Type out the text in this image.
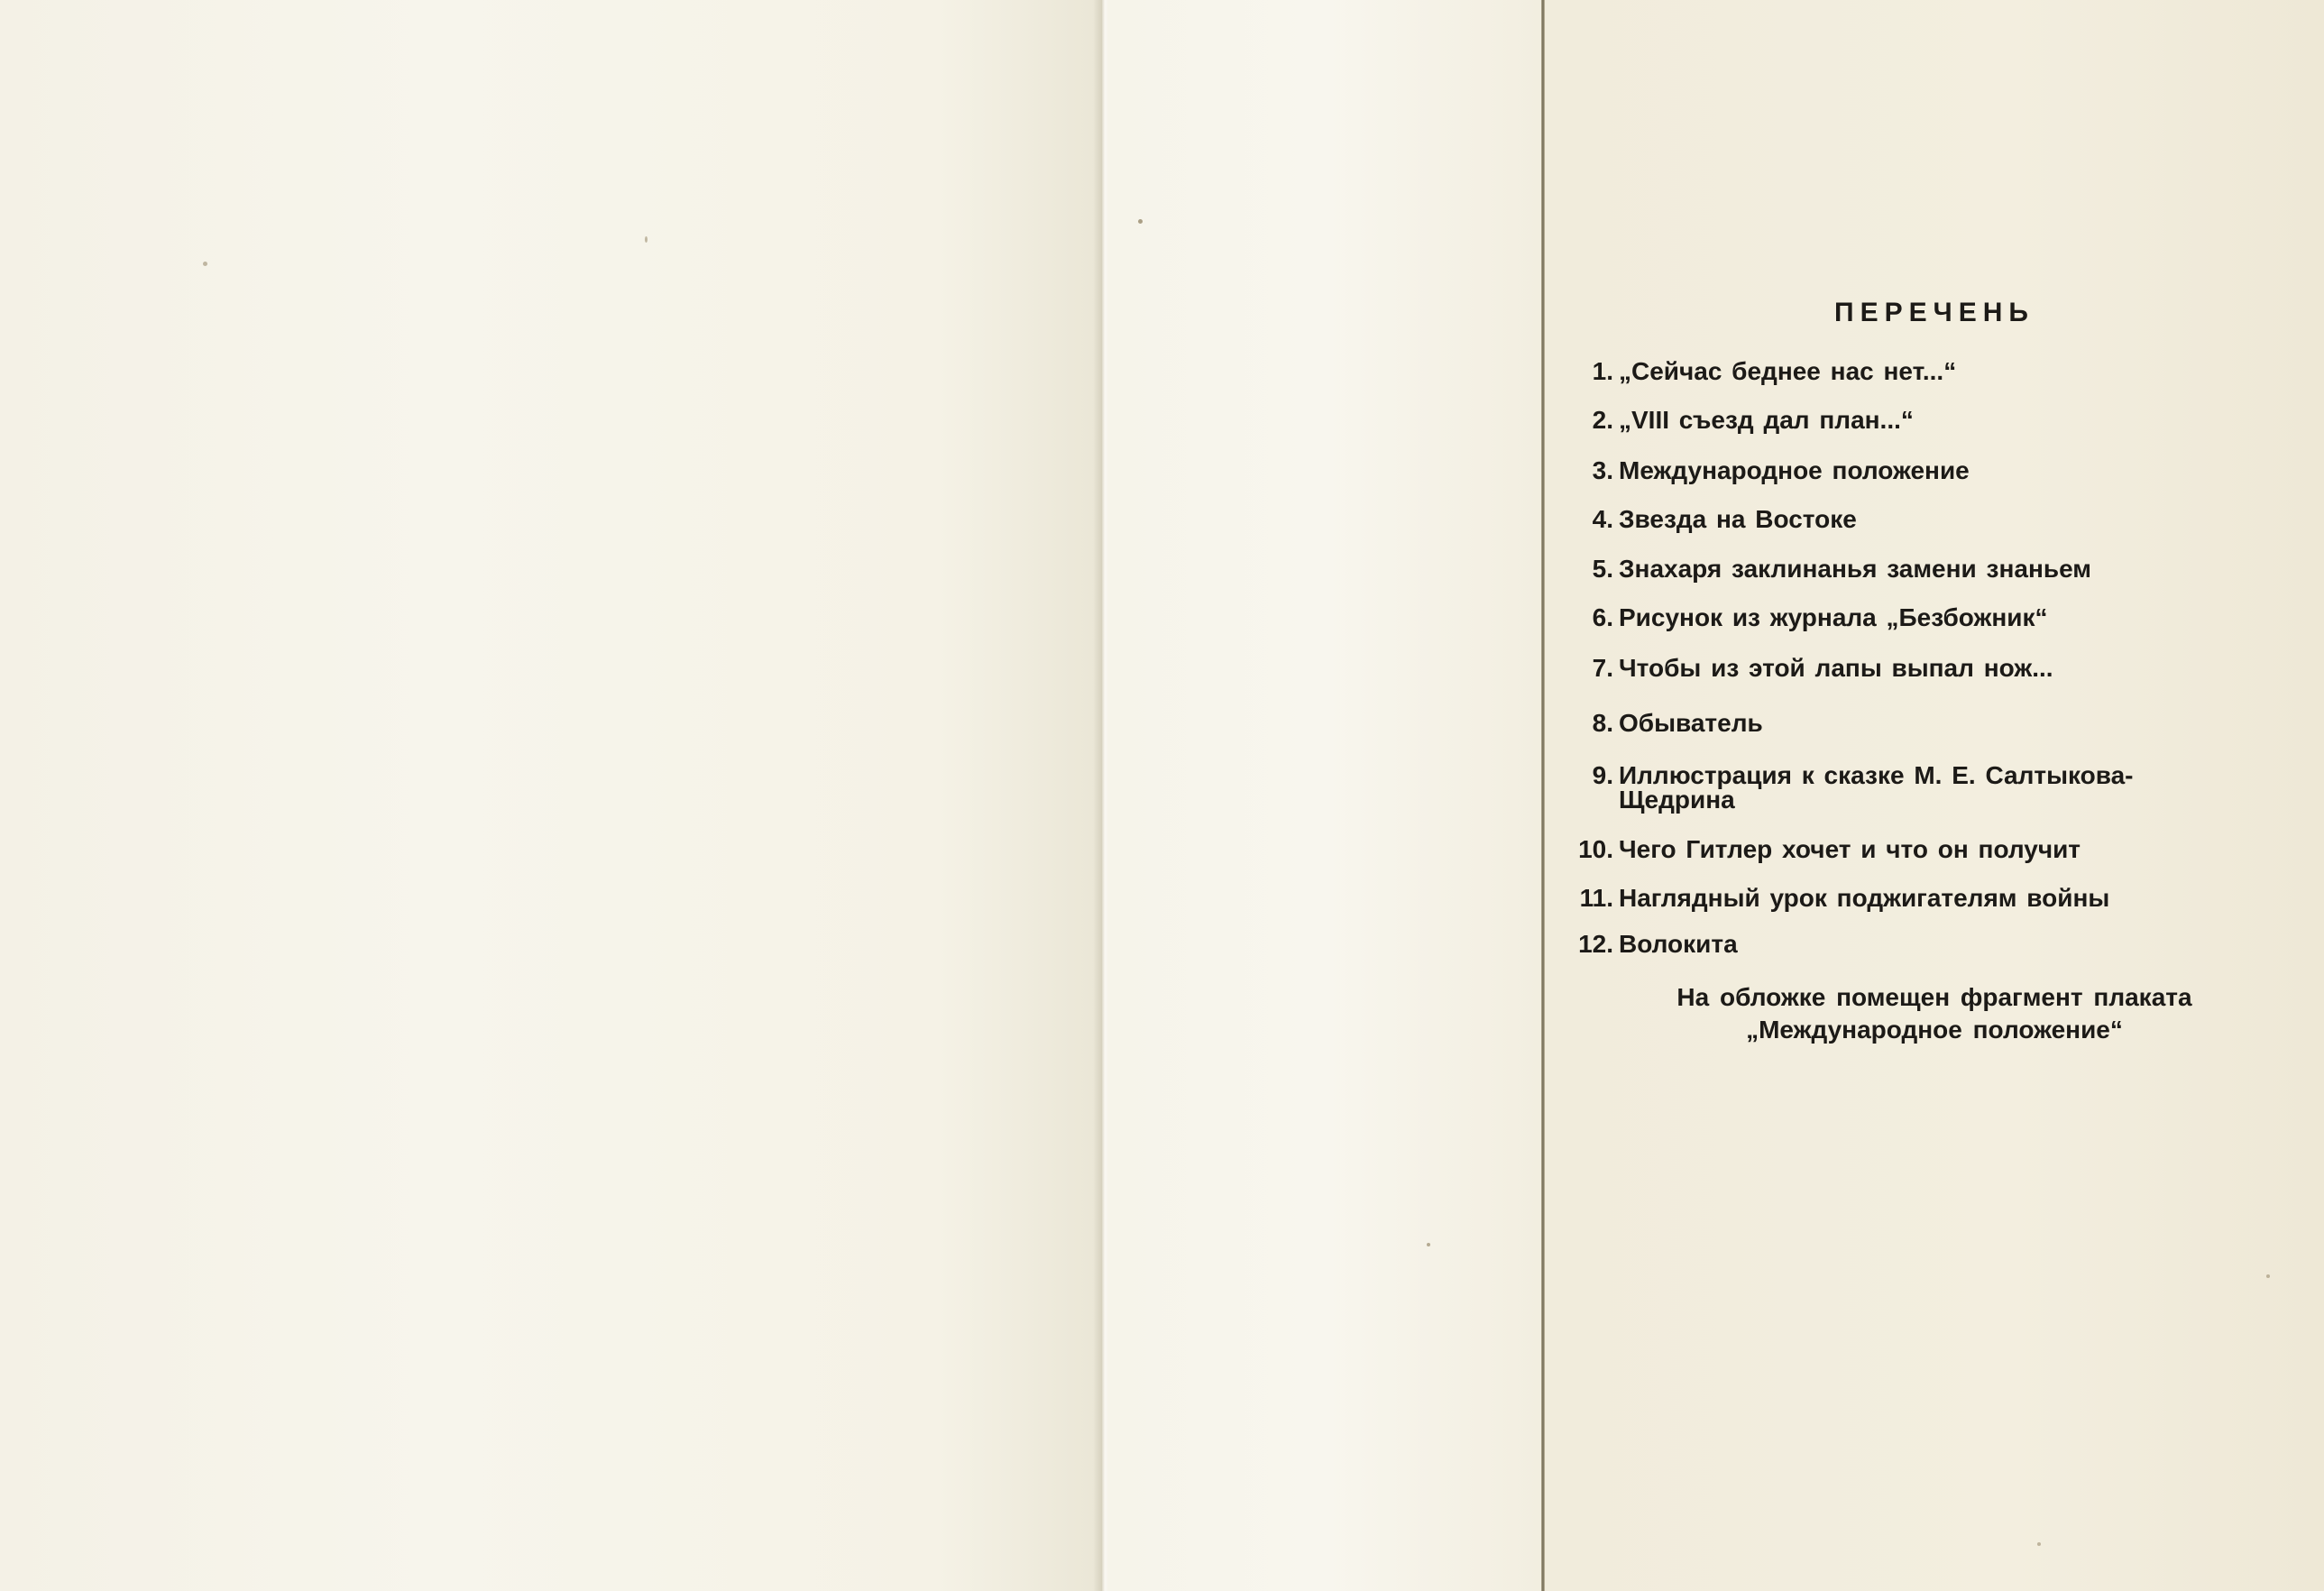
ПЕРЕЧЕНЬ
1. „Сейчас беднее нас нет...“
2. „VIII съезд дал план...“
3. Международное положение
4. Звезда на Востоке
5. Знахаря заклинанья замени знаньем
6. Рисунок из журнала „Безбожник“
7. Чтобы из этой лапы выпал нож...
8. Обыватель
9. Иллюстрация к сказке М. Е. Салтыкова-
Щедрина
10. Чего Гитлер хочет и что он получит
11. Наглядный урок поджигателям войны
12. Волокита
На обложке помещен фрагмент плаката
„Международное положение“
